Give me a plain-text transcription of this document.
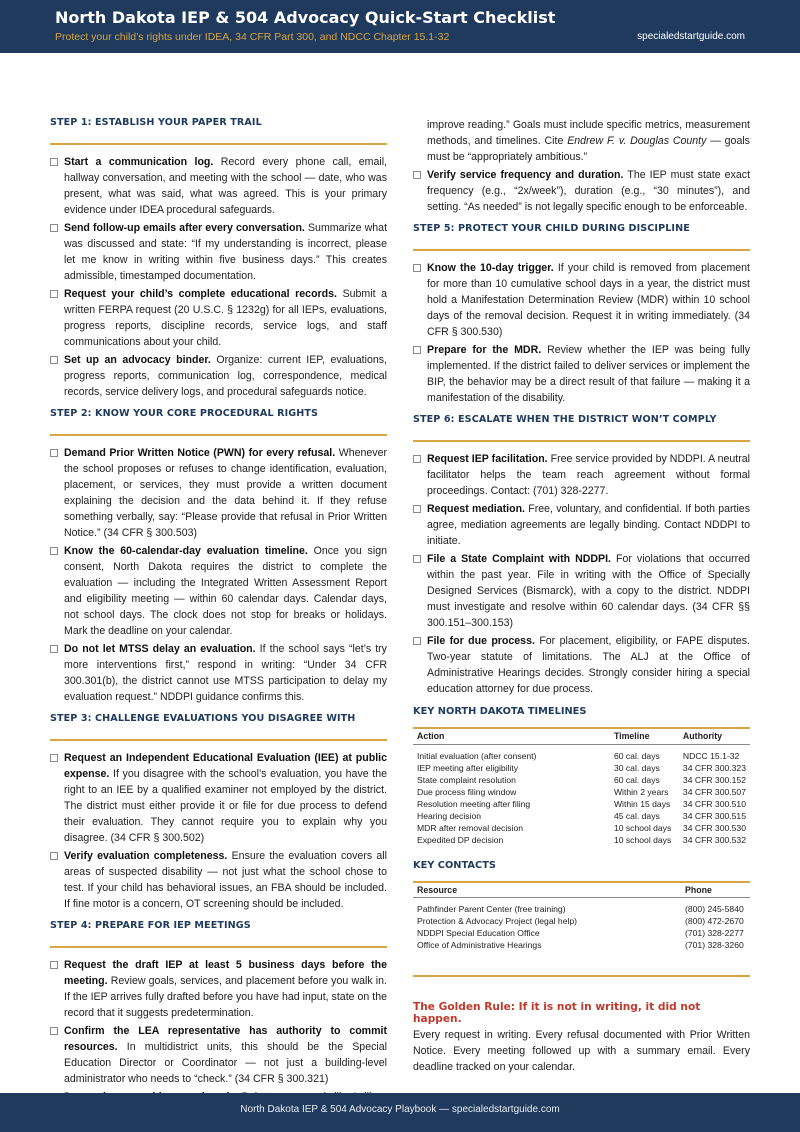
North Dakota IEP & 504 Advocacy Quick-Start Checklist
Protect your child’s rights under IDEA, 34 CFR Part 300, and NDCC Chapter 15.1-32	specialedstartguide.com
STEP 1: ESTABLISH YOUR PAPER TRAIL
Start a communication log. Record every phone call, email, hallway conversation, and meeting with the school — date, who was present, what was said, what was agreed. This is your primary evidence under IDEA procedural safeguards.
Send follow-up emails after every conversation. Summarize what was discussed and state: “If my understanding is incorrect, please let me know in writing within five business days.” This creates admissible, timestamped documentation.
Request your child’s complete educational records. Submit a written FERPA request (20 U.S.C. § 1232g) for all IEPs, evaluations, progress reports, discipline records, service logs, and staff communications about your child.
Set up an advocacy binder. Organize: current IEP, evaluations, progress reports, communication log, correspondence, medical records, service delivery logs, and procedural safeguards notice.
STEP 2: KNOW YOUR CORE PROCEDURAL RIGHTS
Demand Prior Written Notice (PWN) for every refusal. Whenever the school proposes or refuses to change identification, evaluation, placement, or services, they must provide a written document explaining the decision and the data behind it. If they refuse something verbally, say: “Please provide that refusal in Prior Written Notice.” (34 CFR § 300.503)
Know the 60-calendar-day evaluation timeline. Once you sign consent, North Dakota requires the district to complete the evaluation — including the Integrated Written Assessment Report and eligibility meeting — within 60 calendar days. Calendar days, not school days. The clock does not stop for breaks or holidays. Mark the deadline on your calendar.
Do not let MTSS delay an evaluation. If the school says “let’s try more interventions first,” respond in writing: “Under 34 CFR 300.301(b), the district cannot use MTSS participation to delay my evaluation request.” NDDPI guidance confirms this.
STEP 3: CHALLENGE EVALUATIONS YOU DISAGREE WITH
Request an Independent Educational Evaluation (IEE) at public expense. If you disagree with the school’s evaluation, you have the right to an IEE by a qualified examiner not employed by the district. The district must either provide it or file for due process to defend their evaluation. They cannot require you to explain why you disagree. (34 CFR § 300.502)
Verify evaluation completeness. Ensure the evaluation covers all areas of suspected disability — not just what the school chose to test. If your child has behavioral issues, an FBA should be included. If fine motor is a concern, OT screening should be included.
STEP 4: PREPARE FOR IEP MEETINGS
Request the draft IEP at least 5 business days before the meeting. Review goals, services, and placement before you walk in. If the IEP arrives fully drafted before you have had input, state on the record that it suggests predetermination.
Confirm the LEA representative has authority to commit resources. In multidistrict units, this should be the Special Education Director or Coordinator — not just a building-level administrator who needs to “check.” (34 CFR § 300.321)
improve reading.” Goals must include specific metrics, measurement methods, and timelines. Cite Endrew F. v. Douglas County — goals must be “appropriately ambitious.”
Verify service frequency and duration. The IEP must state exact frequency (e.g., “2x/week”), duration (e.g., “30 minutes”), and setting. “As needed” is not legally specific enough to be enforceable.
STEP 5: PROTECT YOUR CHILD DURING DISCIPLINE
Know the 10-day trigger. If your child is removed from placement for more than 10 cumulative school days in a year, the district must hold a Manifestation Determination Review (MDR) within 10 school days of the removal decision. Request it in writing immediately. (34 CFR § 300.530)
Prepare for the MDR. Review whether the IEP was being fully implemented. If the district failed to deliver services or implement the BIP, the behavior may be a direct result of that failure — making it a manifestation of the disability.
STEP 6: ESCALATE WHEN THE DISTRICT WON’T COMPLY
Request IEP facilitation. Free service provided by NDDPI. A neutral facilitator helps the team reach agreement without formal proceedings. Contact: (701) 328-2277.
Request mediation. Free, voluntary, and confidential. If both parties agree, mediation agreements are legally binding. Contact NDDPI to initiate.
File a State Complaint with NDDPI. For violations that occurred within the past year. File in writing with the Office of Specially Designed Services (Bismarck), with a copy to the district. NDDPI must investigate and resolve within 60 calendar days. (34 CFR §§ 300.151–300.153)
File for due process. For placement, eligibility, or FAPE disputes. Two-year statute of limitations. The ALJ at the Office of Administrative Hearings decides. Strongly consider hiring a special education attorney for due process.
KEY NORTH DAKOTA TIMELINES
Action	Timeline	Authority
Initial evaluation (after consent)	60 cal. days	NDCC 15.1-32
IEP meeting after eligibility	30 cal. days	34 CFR 300.323
State complaint resolution	60 cal. days	34 CFR 300.152
Due process filing window	Within 2 years	34 CFR 300.507
Resolution meeting after filing	Within 15 days	34 CFR 300.510
Hearing decision	45 cal. days	34 CFR 300.515
MDR after removal decision	10 school days	34 CFR 300.530
Expedited DP decision	10 school days	34 CFR 300.532
KEY CONTACTS
Resource	Phone
Pathfinder Parent Center (free training)	(800) 245-5840
Protection & Advocacy Project (legal help)	(800) 472-2670
NDDPI Special Education Office	(701) 328-2277
Office of Administrative Hearings	(701) 328-3260
The Golden Rule: If it is not in writing, it did not happen.
Every request in writing. Every refusal documented with Prior Written Notice. Every meeting followed up with a summary email. Every deadline tracked on your calendar.
North Dakota IEP & 504 Advocacy Playbook — specialedstartguide.com
